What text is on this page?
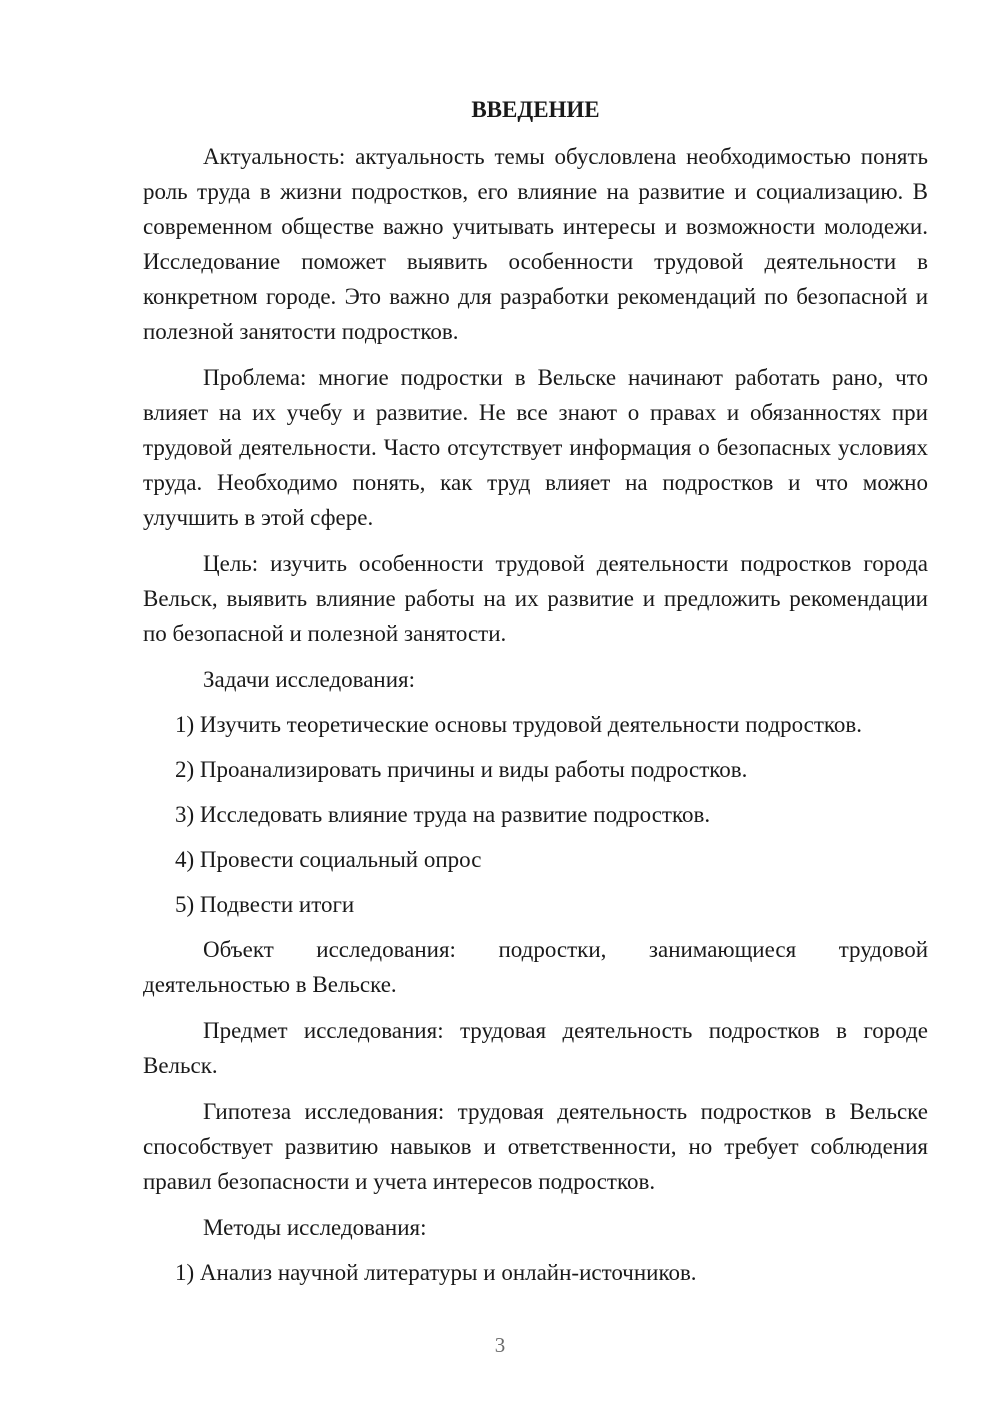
ВВЕДЕНИЕ

Актуальность: актуальность темы обусловлена необходимостью понять роль труда в жизни подростков, его влияние на развитие и социализацию. В современном обществе важно учитывать интересы и возможности молодежи. Исследование поможет выявить особенности трудовой деятельности в конкретном городе. Это важно для разработки рекомендаций по безопасной и полезной занятости подростков.

Проблема: многие подростки в Вельске начинают работать рано, что влияет на их учебу и развитие. Не все знают о правах и обязанностях при трудовой деятельности. Часто отсутствует информация о безопасных условиях труда. Необходимо понять, как труд влияет на подростков и что можно улучшить в этой сфере.

Цель: изучить особенности трудовой деятельности подростков города Вельск, выявить влияние работы на их развитие и предложить рекомендации по безопасной и полезной занятости.

Задачи исследования:
1) Изучить теоретические основы трудовой деятельности подростков.
2) Проанализировать причины и виды работы подростков.
3) Исследовать влияние труда на развитие подростков.
4) Провести социальный опрос
5) Подвести итоги

Объект исследования: подростки, занимающиеся трудовой деятельностью в Вельске.

Предмет исследования: трудовая деятельность подростков в городе Вельск.

Гипотеза исследования: трудовая деятельность подростков в Вельске способствует развитию навыков и ответственности, но требует соблюдения правил безопасности и учета интересов подростков.

Методы исследования:
1) Анализ научной литературы и онлайн-источников.
3
